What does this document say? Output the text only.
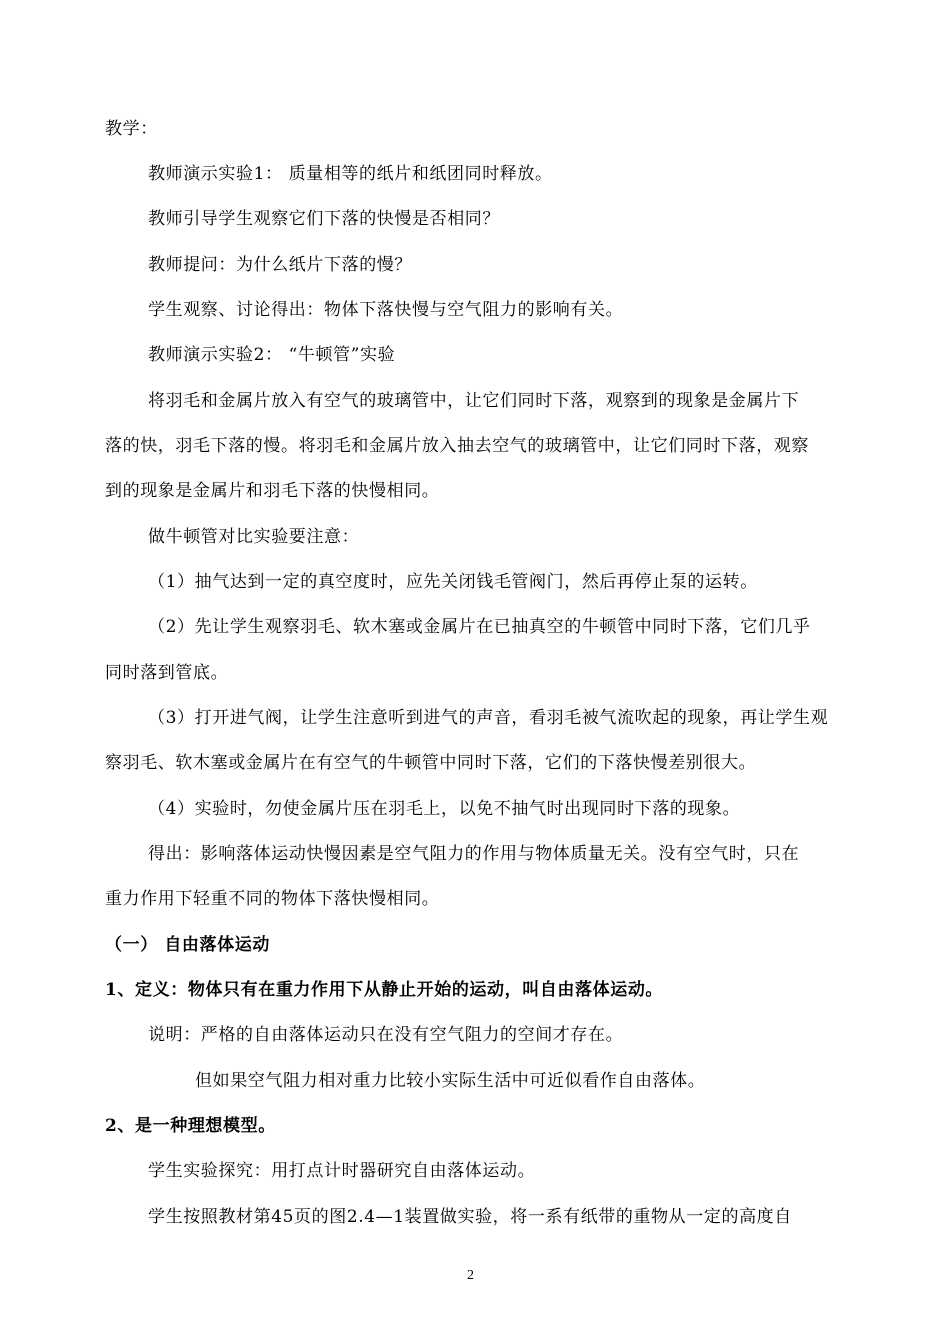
教学：
教师演示实验1： 质量相等的纸片和纸团同时释放。
教师引导学生观察它们下落的快慢是否相同？
教师提问：为什么纸片下落的慢？
学生观察、讨论得出：物体下落快慢与空气阻力的影响有关。
教师演示实验2： “牛顿管”实验
将羽毛和金属片放入有空气的玻璃管中，让它们同时下落，观察到的现象是金属片下
落的快，羽毛下落的慢。将羽毛和金属片放入抽去空气的玻璃管中，让它们同时下落，观察
到的现象是金属片和羽毛下落的快慢相同。
做牛顿管对比实验要注意：
（1）抽气达到一定的真空度时，应先关闭钱毛管阀门，然后再停止泵的运转。
（2）先让学生观察羽毛、软木塞或金属片在已抽真空的牛顿管中同时下落，它们几乎
同时落到管底。
（3）打开进气阀，让学生注意听到进气的声音，看羽毛被气流吹起的现象，再让学生观
察羽毛、软木塞或金属片在有空气的牛顿管中同时下落，它们的下落快慢差别很大。
（4）实验时，勿使金属片压在羽毛上，以免不抽气时出现同时下落的现象。
得出：影响落体运动快慢因素是空气阻力的作用与物体质量无关。没有空气时，只在
重力作用下轻重不同的物体下落快慢相同。
（一） 自由落体运动
1、定义：物体只有在重力作用下从静止开始的运动，叫自由落体运动。
说明：严格的自由落体运动只在没有空气阻力的空间才存在。
但如果空气阻力相对重力比较小实际生活中可近似看作自由落体。
2、是一种理想模型。
学生实验探究：用打点计时器研究自由落体运动。
学生按照教材第45页的图2.4—1装置做实验，将一系有纸带的重物从一定的高度自
2
